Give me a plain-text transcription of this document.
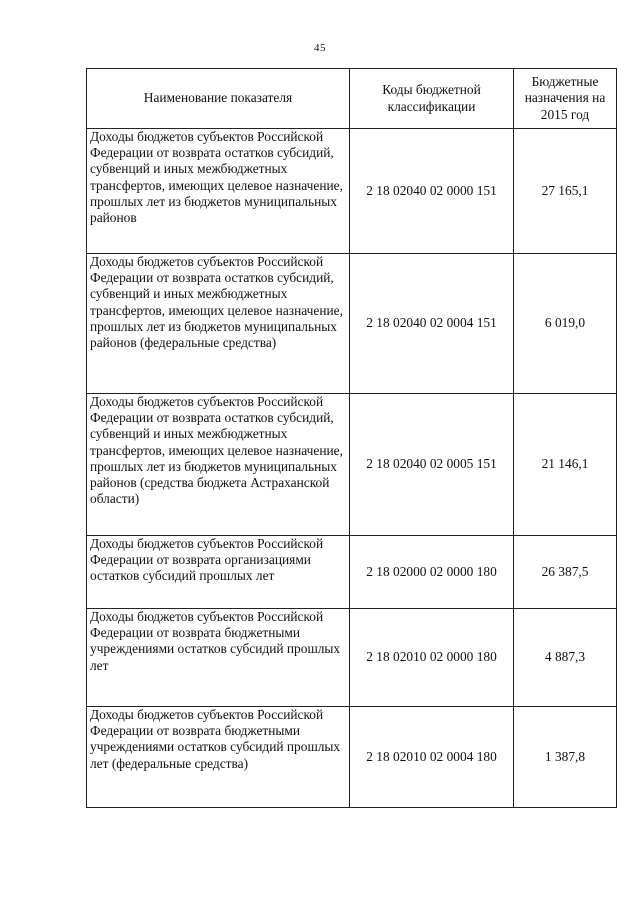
45
Наименование показателя	Коды бюджетной классификации	Бюджетные назначения на 2015 год
Доходы бюджетов субъектов Российской Федерации от возврата остатков субсидий, субвенций и иных межбюджетных трансфертов, имеющих целевое назначение, прошлых лет из бюджетов муниципальных районов	2 18 02040 02 0000 151	27 165,1
Доходы бюджетов субъектов Российской Федерации от возврата остатков субсидий, субвенций и иных межбюджетных трансфертов, имеющих целевое назначение, прошлых лет из бюджетов муниципальных районов (федеральные средства)	2 18 02040 02 0004 151	6 019,0
Доходы бюджетов субъектов Российской Федерации от возврата остатков субсидий, субвенций и иных межбюджетных трансфертов, имеющих целевое назначение, прошлых лет из бюджетов муниципальных районов (средства бюджета Астраханской области)	2 18 02040 02 0005 151	21 146,1
Доходы бюджетов субъектов Российской Федерации от возврата организациями остатков субсидий прошлых лет	2 18 02000 02 0000 180	26 387,5
Доходы бюджетов субъектов Российской Федерации от возврата бюджетными учреждениями остатков субсидий прошлых лет	2 18 02010 02 0000 180	4 887,3
Доходы бюджетов субъектов Российской Федерации от возврата бюджетными учреждениями остатков субсидий прошлых лет (федеральные средства)	2 18 02010 02 0004 180	1 387,8
